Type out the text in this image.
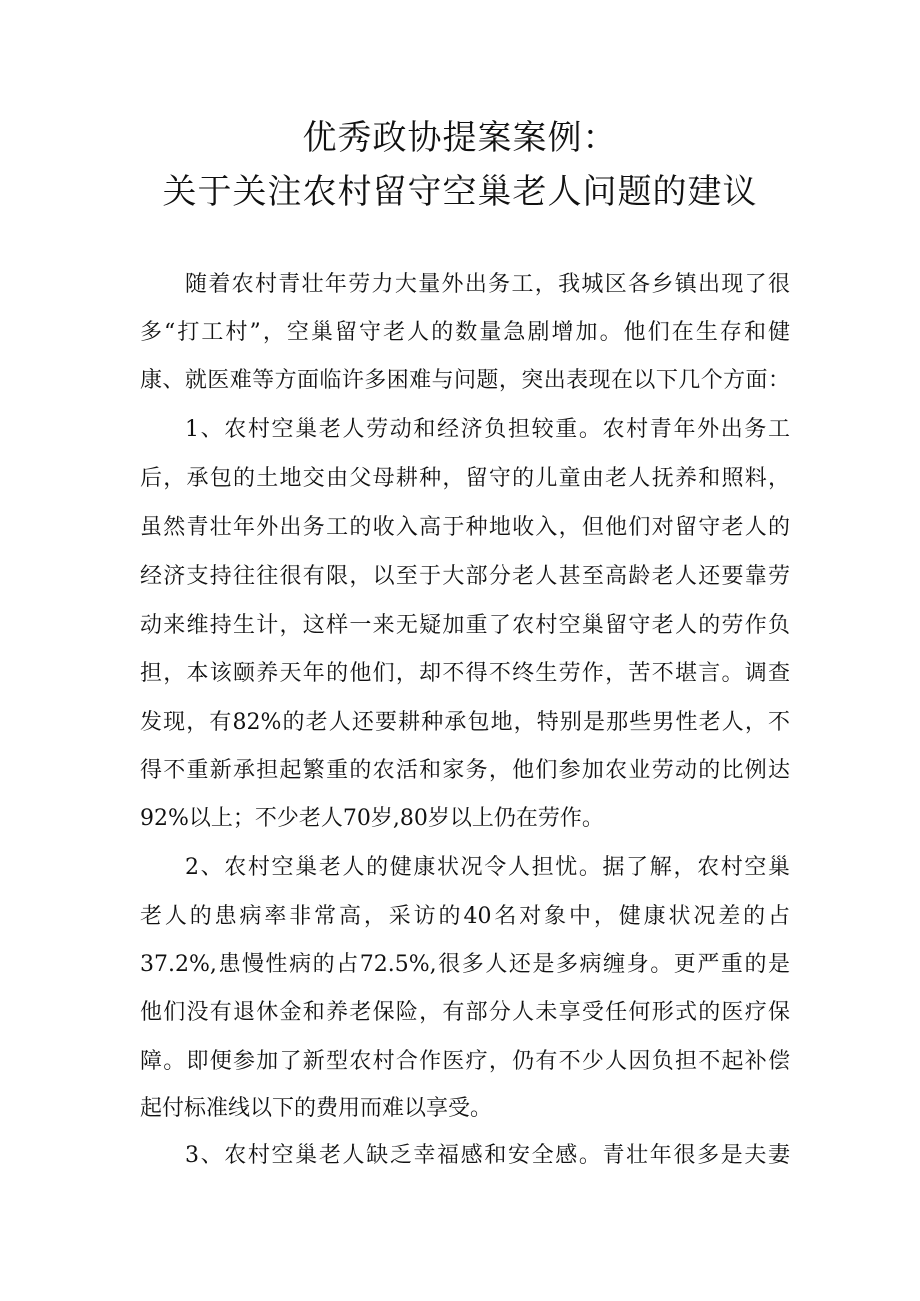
优秀政协提案案例：
关于关注农村留守空巢老人问题的建议
随着农村青壮年劳力大量外出务工，我城区各乡镇出现了很
多“打工村”，空巢留守老人的数量急剧增加。他们在生存和健
康、就医难等方面临许多困难与问题，突出表现在以下几个方面：
1、农村空巢老人劳动和经济负担较重。农村青年外出务工
后，承包的土地交由父母耕种，留守的儿童由老人抚养和照料，
虽然青壮年外出务工的收入高于种地收入，但他们对留守老人的
经济支持往往很有限，以至于大部分老人甚至高龄老人还要靠劳
动来维持生计，这样一来无疑加重了农村空巢留守老人的劳作负
担，本该颐养天年的他们，却不得不终生劳作，苦不堪言。调查
发现，有82%的老人还要耕种承包地，特别是那些男性老人，不
得不重新承担起繁重的农活和家务，他们参加农业劳动的比例达
92%以上；不少老人70岁,80岁以上仍在劳作。
2、农村空巢老人的健康状况令人担忧。据了解，农村空巢
老人的患病率非常高，采访的40名对象中，健康状况差的占
37.2%,患慢性病的占72.5%,很多人还是多病缠身。更严重的是
他们没有退休金和养老保险，有部分人未享受任何形式的医疗保
障。即便参加了新型农村合作医疗，仍有不少人因负担不起补偿
起付标准线以下的费用而难以享受。
3、农村空巢老人缺乏幸福感和安全感。青壮年很多是夫妻
